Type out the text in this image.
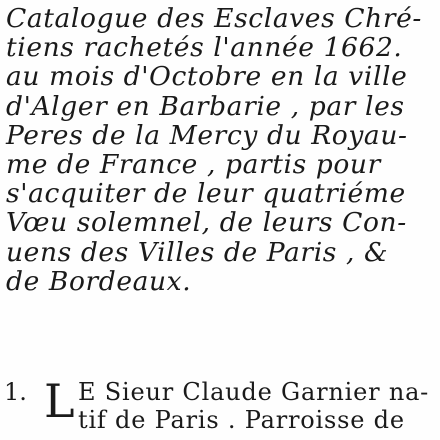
Catalogue des Esclaves Chré-
tiens rachetés l'année 1662.
au mois d'Octobre en la ville
d'Alger en Barbarie , par les
Peres de la Mercy du Royau-
me de France , partis pour
s'acquiter de leur quatriéme
Vœu solemnel, de leurs Con-
uens des Villes de Paris , &
de Bordeaux.
1. L E Sieur Claude Garnier na-
tif de Paris . Parroisse de
